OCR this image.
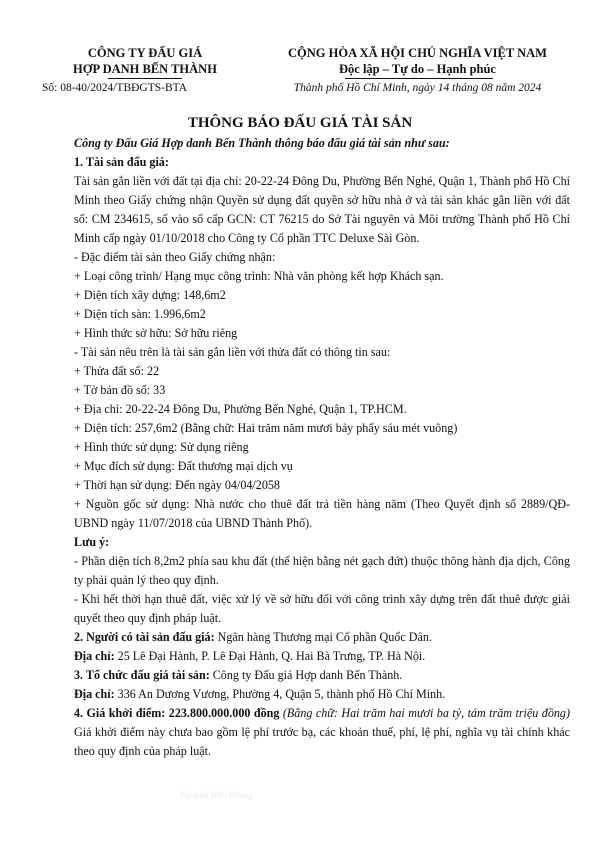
CÔNG TY ĐẤU GIÁ
HỢP DANH BẾN THÀNH
Số: 08-40/2024/TBĐGTS-BTA
CỘNG HÒA XÃ HỘI CHỦ NGHĨA VIỆT NAM
Độc lập – Tự do – Hạnh phúc
Thành phố Hồ Chí Minh, ngày 14 tháng 08 năm 2024
THÔNG BÁO ĐẤU GIÁ TÀI SẢN

Công ty Đấu Giá Hợp danh Bến Thành thông báo đấu giá tài sản như sau:

1. Tài sản đấu giá:

Tài sản gắn liền với đất tại địa chỉ: 20-22-24 Đông Du, Phường Bến Nghé, Quận 1, Thành phố Hồ Chí Minh theo Giấy chứng nhận Quyền sử dụng đất quyền sở hữu nhà ở và tài sản khác gắn liền với đất số: CM 234615, số vào sổ cấp GCN: CT 76215 do Sở Tài nguyên và Môi trường Thành phố Hồ Chí Minh cấp ngày 01/10/2018 cho Công ty Cổ phần TTC Deluxe Sài Gòn.

- Đặc điểm tài sản theo Giấy chứng nhận:

+ Loại công trình/ Hạng mục công trình: Nhà văn phòng kết hợp Khách sạn.

+ Diện tích xây dựng: 148,6m2

+ Diện tích sàn: 1.996,6m2

+ Hình thức sở hữu: Sở hữu riêng

- Tài sản nêu trên là tài sản gắn liền với thửa đất có thông tin sau:

+ Thửa đất số: 22

+ Tờ bản đồ số: 33

+ Địa chỉ: 20-22-24 Đông Du, Phường Bến Nghé, Quận 1, TP.HCM.

+ Diện tích: 257,6m2 (Bằng chữ: Hai trăm năm mươi bảy phẩy sáu mét vuông)

+ Hình thức sử dụng: Sử dụng riêng

+ Mục đích sử dụng: Đất thương mại dịch vụ

+ Thời hạn sử dụng: Đến ngày 04/04/2058

+ Nguồn gốc sử dụng: Nhà nước cho thuê đất trả tiền hàng năm (Theo Quyết định số 2889/QĐ-UBND ngày 11/07/2018 của UBND Thành Phố).

Lưu ý:

- Phần diện tích 8,2m2 phía sau khu đất (thể hiện bằng nét gạch đứt) thuộc thông hành địa dịch, Công ty phải quản lý theo quy định.

- Khi hết thời hạn thuê đất, việc xử lý về sở hữu đối với công trình xây dựng trên đất thuê được giải quyết theo quy định pháp luật.

2. Người có tài sản đấu giá: Ngân hàng Thương mại Cổ phần Quốc Dân.

Địa chỉ: 25 Lê Đại Hành, P. Lê Đại Hành, Q. Hai Bà Trưng, TP. Hà Nội.

3. Tổ chức đấu giá tài sản: Công ty Đấu giá Hợp danh Bến Thành.

Địa chỉ: 336 An Dương Vương, Phường 4, Quận 5, thành phố Hồ Chí Minh.

4. Giá khởi điểm: 223.800.000.000 đồng (Bằng chữ: Hai trăm hai mươi ba tỷ, tám trăm triệu đồng) Giá khởi điểm này chưa bao gồm lệ phí trước bạ, các khoản thuế, phí, lệ phí, nghĩa vụ tài chính khác theo quy định của pháp luật.

Nguyễn Hữu Hoàng
